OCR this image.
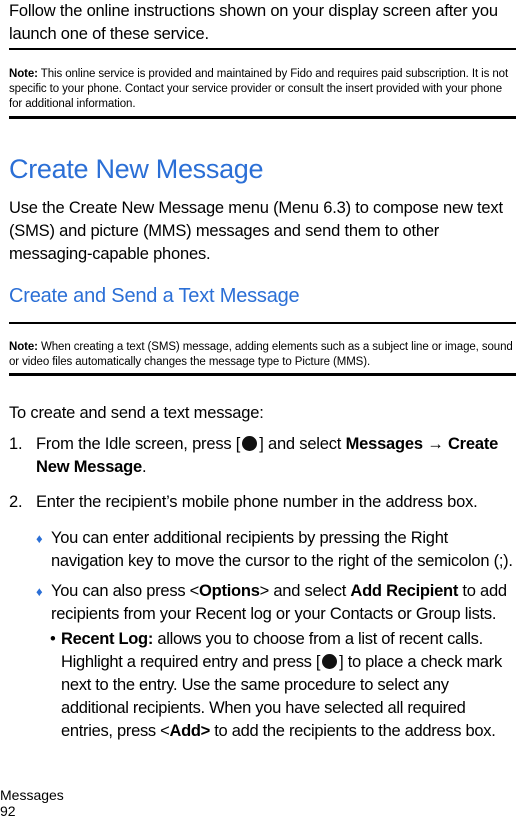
Follow the online instructions shown on your display screen after you launch one of these service.
Note: This online service is provided and maintained by Fido and requires paid subscription. It is not specific to your phone. Contact your service provider or consult the insert provided with your phone for additional information.
Create New Message
Use the Create New Message menu (Menu 6.3) to compose new text (SMS) and picture (MMS) messages and send them to other messaging-capable phones.
Create and Send a Text Message
Note: When creating a text (SMS) message, adding elements such as a subject line or image, sound or video files automatically changes the message type to Picture (MMS).
To create and send a text message:
1. From the Idle screen, press [ ] and select Messages → Create New Message.
2. Enter the recipient’s mobile phone number in the address box.
♦ You can enter additional recipients by pressing the Right navigation key to move the cursor to the right of the semicolon (;).
♦ You can also press <Options> and select Add Recipient to add recipients from your Recent log or your Contacts or Group lists.
• Recent Log: allows you to choose from a list of recent calls. Highlight a required entry and press [ ] to place a check mark next to the entry. Use the same procedure to select any additional recipients. When you have selected all required entries, press <Add> to add the recipients to the address box.
Messages
92
